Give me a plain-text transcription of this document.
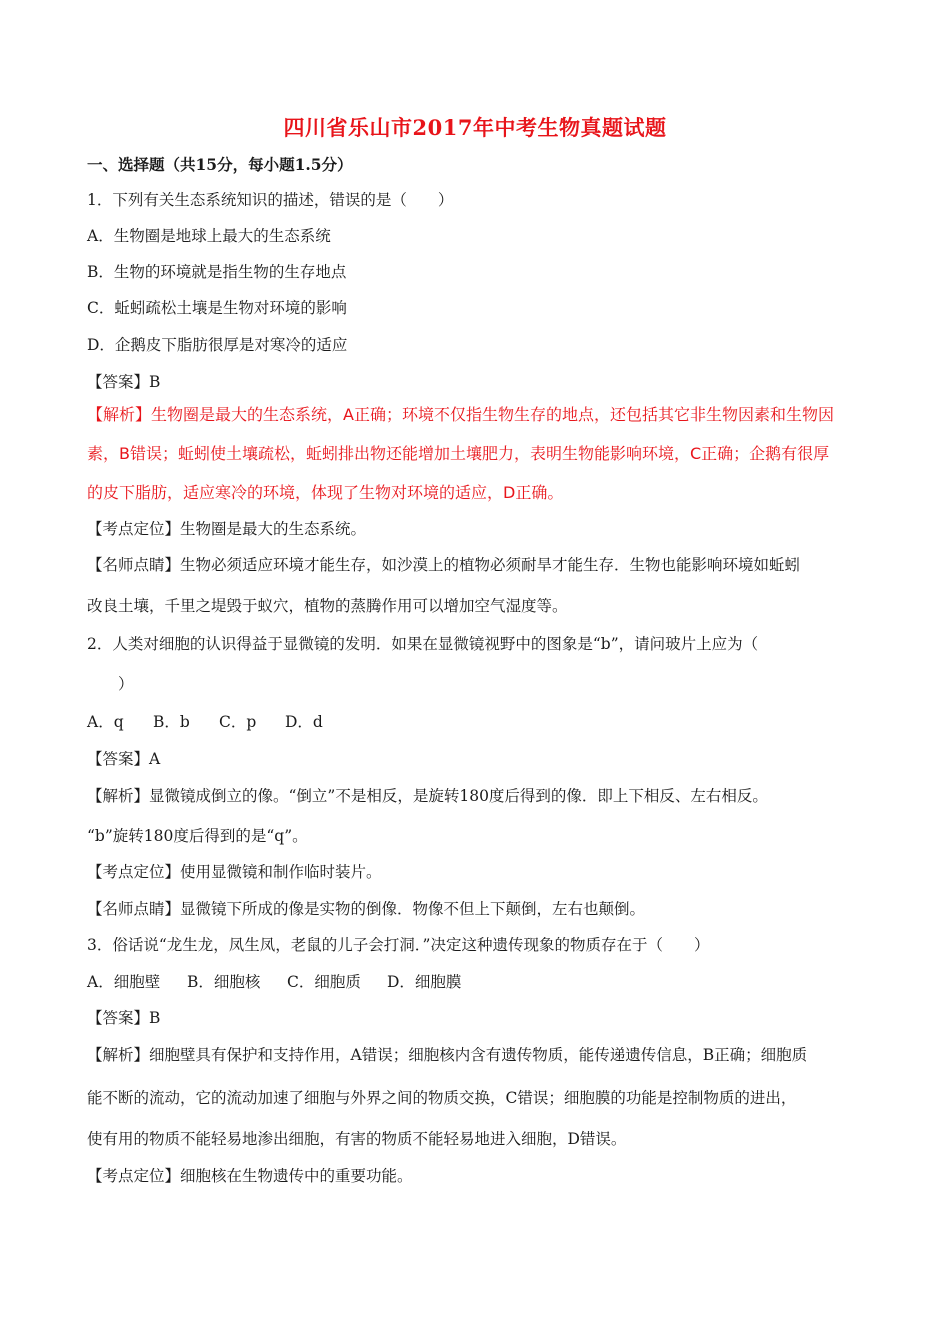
四川省乐山市2017年中考生物真题试题
一、选择题（共15分，每小题1.5分）
1．下列有关生态系统知识的描述，错误的是（　　）
A．生物圈是地球上最大的生态系统
B．生物的环境就是指生物的生存地点
C．蚯蚓疏松土壤是生物对环境的影响
D．企鹅皮下脂肪很厚是对寒冷的适应
【答案】B
【解析】生物圈是最大的生态系统，A正确；环境不仅指生物生存的地点，还包括其它非生物因素和生物因
素，B错误；蚯蚓使土壤疏松，蚯蚓排出物还能增加土壤肥力，表明生物能影响环境，C正确；企鹅有很厚
的皮下脂肪，适应寒冷的环境，体现了生物对环境的适应，D正确。
【考点定位】生物圈是最大的生态系统。
【名师点睛】生物必须适应环境才能生存，如沙漠上的植物必须耐旱才能生存．生物也能影响环境如蚯蚓
改良土壤，千里之堤毁于蚁穴，植物的蒸腾作用可以增加空气湿度等。
2．人类对细胞的认识得益于显微镜的发明．如果在显微镜视野中的图象是“b”，请问玻片上应为（
　　）
A．q B．b C．p D．d
【答案】A
【解析】显微镜成倒立的像。“倒立”不是相反，是旋转180度后得到的像．即上下相反、左右相反。
“b”旋转180度后得到的是“q”。
【考点定位】使用显微镜和制作临时装片。
【名师点睛】显微镜下所成的像是实物的倒像．物像不但上下颠倒，左右也颠倒。
3．俗话说“龙生龙，凤生凤，老鼠的儿子会打洞．”决定这种遗传现象的物质存在于（　　）
A．细胞壁 B．细胞核 C．细胞质 D．细胞膜
【答案】B
【解析】细胞壁具有保护和支持作用，A错误；细胞核内含有遗传物质，能传递遗传信息，B正确；细胞质
能不断的流动，它的流动加速了细胞与外界之间的物质交换，C错误；细胞膜的功能是控制物质的进出，
使有用的物质不能轻易地渗出细胞，有害的物质不能轻易地进入细胞，D错误。
【考点定位】细胞核在生物遗传中的重要功能。
